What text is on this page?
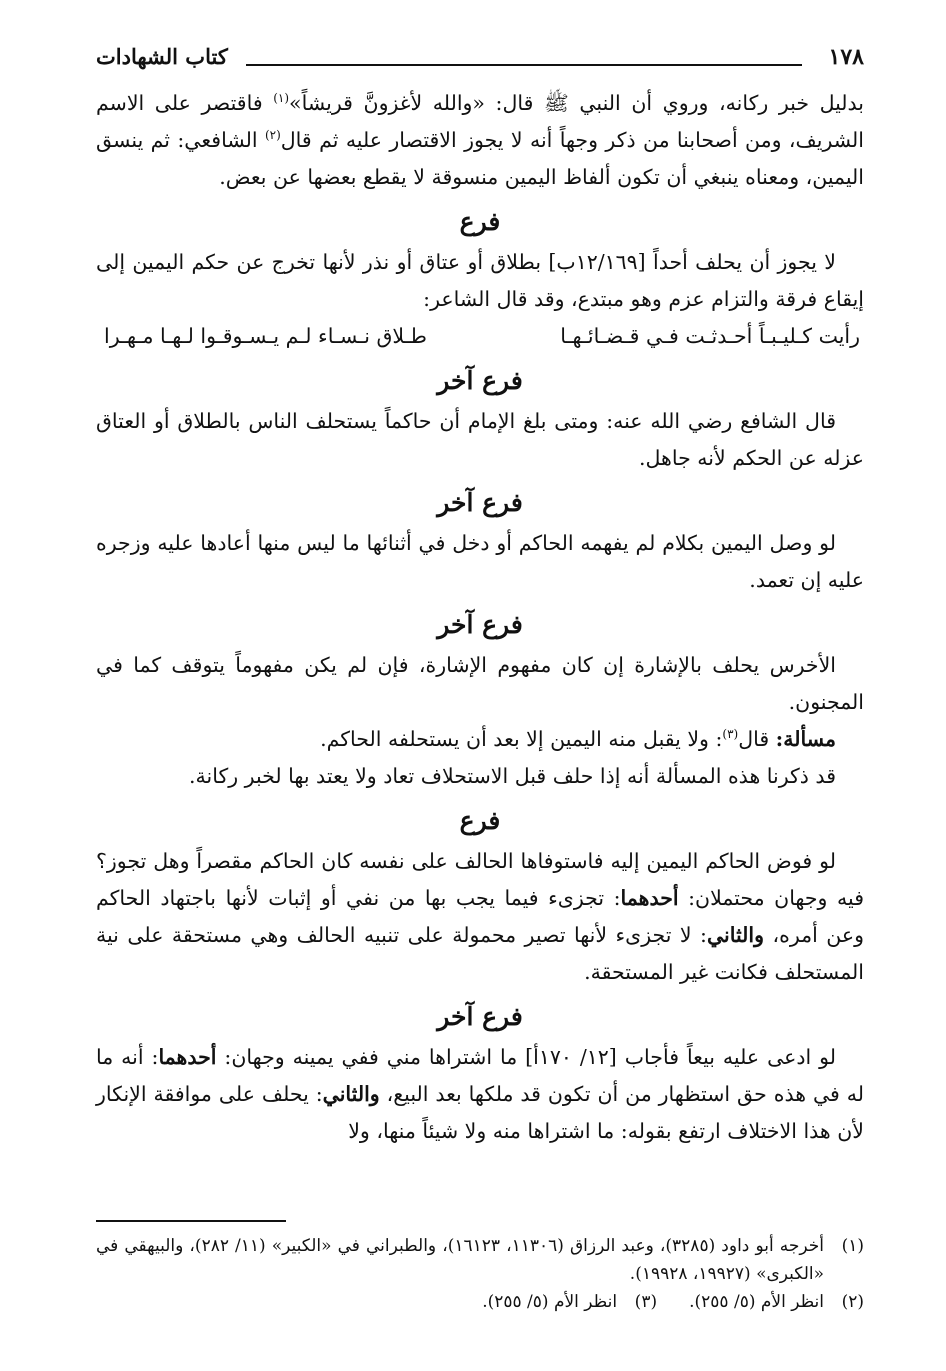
١٧٨
كتاب الشهادات

بدليل خبر ركانه، وروي أن النبي ﷺ قال: «والله لأغزونَّ قريشاً»$^{(١)}$ فاقتصر على الاسم الشريف، ومن أصحابنا من ذكر وجهاً أنه لا يجوز الاقتصار عليه ثم قال$^{(٢)}$ الشافعي: ثم ينسق اليمين، ومعناه ينبغي أن تكون ألفاظ اليمين منسوقة لا يقطع بعضها عن بعض.

فرع

لا يجوز أن يحلف أحداً [١٢/١٦٩ب] بطلاق أو عتاق أو نذر لأنها تخرج عن حكم اليمين إلى إيقاع فرقة والتزام عزم وهو مبتدع، وقد قال الشاعر:

رأيت كـليـبـاً أحـدثـت فـي قـضـائـهـا
طـلاق نـسـاء لـم يـسـوقـوا لـهـا مـهـرا
فرع آخر

قال الشافع رضي الله عنه: ومتى بلغ الإمام أن حاكماً يستحلف الناس بالطلاق أو العتاق عزله عن الحكم لأنه جاهل.

فرع آخر

لو وصل اليمين بكلام لم يفهمه الحاكم أو دخل في أثنائها ما ليس منها أعادها عليه وزجره عليه إن تعمد.

فرع آخر

الأخرس يحلف بالإشارة إن كان مفهوم الإشارة، فإن لم يكن مفهوماً يتوقف كما في المجنون.

مسألة: قال$^{(٣)}$: ولا يقبل منه اليمين إلا بعد أن يستحلفه الحاكم.

قد ذكرنا هذه المسألة أنه إذا حلف قبل الاستحلاف تعاد ولا يعتد بها لخبر ركانة.

فرع

لو فوض الحاكم اليمين إليه فاستوفاها الحالف على نفسه كان الحاكم مقصراً وهل تجوز؟ فيه وجهان محتملان: أحدهما: تجزىء فيما يجب بها من نفي أو إثبات لأنها باجتهاد الحاكم وعن أمره، والثاني: لا تجزىء لأنها تصير محمولة على تنبيه الحالف وهي مستحقة على نية المستحلف فكانت غير المستحقة.

فرع آخر

لو ادعى عليه بيعاً فأجاب [١٢/ ١٧٠أ] ما اشتراها مني ففي يمينه وجهان: أحدهما: أنه ما له في هذه حق استظهار من أن تكون قد ملكها بعد البيع، والثاني: يحلف على موافقة الإنكار لأن هذا الاختلاف ارتفع بقوله: ما اشتراها منه ولا شيئاً منها، ولا

(١)
أخرجه أبو داود (٣٢٨٥)، وعبد الرزاق (١١٣٠٦، ١٦١٢٣)، والطبراني في «الكبير» (١١/ ٢٨٢)، والبيهقي في «الكبرى» (١٩٩٢٧، ١٩٩٢٨).
(٢)
انظر الأم (٥/ ٢٥٥).
(٣)
انظر الأم (٥/ ٢٥٥).
